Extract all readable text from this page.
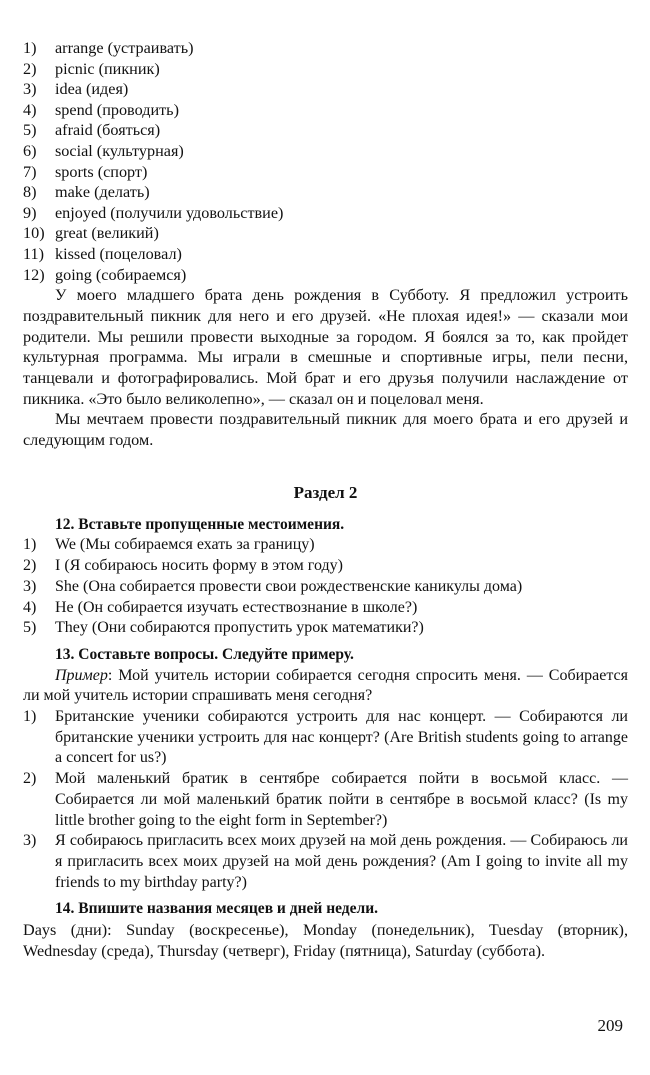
1)	arrange (устраивать)
2)	picnic (пикник)
3)	idea (идея)
4)	spend (проводить)
5)	afraid (бояться)
6)	social (культурная)
7)	sports (спорт)
8)	make (делать)
9)	enjoyed (получили удовольствие)
10) great (великий)
11) kissed (поцеловал)
12) going (собираемся)

У моего младшего брата день рождения в Субботу. Я предложил устроить поздравительный пикник для него и его друзей. «Не плохая идея!» — сказали мои родители. Мы решили провести выходные за городом. Я боялся за то, как пройдет культурная программа. Мы играли в смешные и спортивные игры, пели песни, танцевали и фотографировались. Мой брат и его друзья получили наслаждение от пикника. «Это было великолепно», — сказал он и поцеловал меня.

Мы мечтаем провести поздравительный пикник для моего брата и его друзей и следующим годом.

Раздел 2

12. Вставьте пропущенные местоимения.

1)	We (Мы собираемся ехать за границу)
2)	I (Я собираюсь носить форму в этом году)
3)	She (Она собирается провести свои рождественские каникулы дома)
4)	He (Он собирается изучать естествознание в школе?)
5)	They (Они собираются пропустить урок математики?)

13. Составьте вопросы. Следуйте примеру.

Пример: Мой учитель истории собирается сегодня спросить меня. — Собирается ли мой учитель истории спрашивать меня сегодня?

1)	Британские ученики собираются устроить для нас концерт. — Собираются ли британские ученики устроить для нас концерт? (Are British students going to arrange a concert for us?)
2)	Мой маленький братик в сентябре собирается пойти в восьмой класс. — Собирается ли мой маленький братик пойти в сентябре в восьмой класс? (Is my little brother going to the eight form in September?)
3)	Я собираюсь пригласить всех моих друзей на мой день рождения. — Собираюсь ли я пригласить всех моих друзей на мой день рождения? (Am I going to invite all my friends to my birthday party?)

14. Впишите названия месяцев и дней недели.

Days (дни): Sunday (воскресенье), Monday (понедельник), Tuesday (вторник), Wednesday (среда), Thursday (четверг), Friday (пятница), Saturday (суббота).

209
